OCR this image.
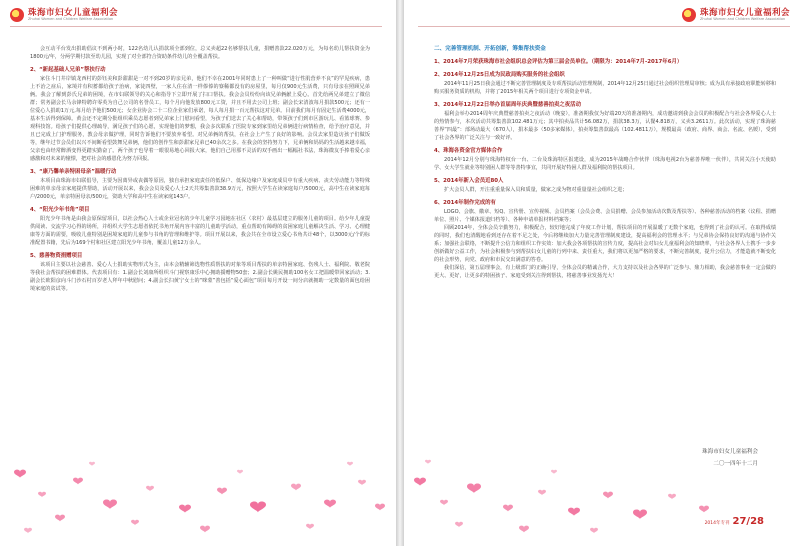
珠海市妇女儿童福利会
Zhuhai Women and Children Welfare Association

会互动平台发出捐助倡议不到两小时，122名幼儿认捐款项全部到位，总义卖超22名够帮扶儿童，捐赠善款22.020万元，为每名幼儿帮扶资金为1800元/年，分两学期付款至幼儿园，实现了对全部符合资助条件幼儿的全覆盖帮扶。

2、“新起基础人兄弟”帮扶行动

家住斗门井岸镇龙西村的彭钰美和彭甜甜是一对不到20岁的亲兄弟，他们不幸在2001年同时患上了一种叫做“进行性肌营养不良”的罕见疾病，患上不治之症后，家境并有积蓄都给孩子治病，家徒四壁，一家人住在清一样傣傣的寮稀都没有的房屋里，每月仅900元生活费，只有母亲在照顾兄弟俩。我会了解到彭氏兄弟的困境，在市妇联领导的关心和指导下立即开展了扫口帮扶。我会会员纷纷向该兄弟俩献上爱心。首先给两兄弟建立了微信群；常务副会长马余锋特聘许零英为自己公司的名誉员工，每个月向他发放800元工资，并且不用去公司上班；副会长宋清波每月捐款500元；还有一位爱心人捐助1万元,每月给予他们500元；女企业协会二十二位企业家们承诺，每人每月捐一百元帮扶这对兄弟。目前我们每月有固定生活费4000元，基本生活得到保障。黄会还不定期分批组织乘员志愿者到兄弟家上门慰问看望，为孩子们送去了关心和帮助，带领孩子们到市区游玩儿、看篮球赛、参观科技馆。给孩子们提供心理疏导，满足孩子们的心愿，实现他们的梦想，我会多次联系了医院专家到家里给兄弟俩进行病情检查，给予治疗意见，并且已完成上门护理服务，教会母亲做护理，同时告诉他们不要放弃希望。对兄弟俩的帮扶，在社会上产生了良好的影响。会员去家里造访孩子们做饭等，继年过节会员们以兴不间断看望鼓舞兄弟俩，他们的创作生和彭甜家兄弟已40余次之多。在我会的坚持努力下，兄弟俩和妈妈的生活越来越幸福，父亲也由经常醉酒变得更踏实勤奋了。两个孩子也导着一眼很易地心回报大家，他们自己用那不灵活的双手画出一幅幅社书法，珠海微友手捧着爱心亲感激和对未来的憧憬，把对社会的感恩化为努力回报。

3、“康乃馨单亲特困母亲”温暖行动

本项目由珠海市妇联倡导，主要为因离异或丧偶等原因，独自承担家庭责任的低保户、低保边缘户及家庭成员中有重大疾病、丧夫劳动能力等特殊困难的单亲母亲家庭提供帮助，活动开展以来，我会会员及爱心人士2天共筹集善款38.9万元，按照大学生在读家庭每户/5000元，高中生在读家庭每户/2000元，单亲特困母亲/500元，资助大学和高中生在读家庭143户。

4、“阳光少年书角”项目

阳光少年书角是由我会原保留项目，以社会热心人士或企业冠名的少年儿童学习园地在社区（农村）最基层建立的服务儿童的项目。给少年儿童提供阅读、交流学习心得的场所，并组织大学生志愿者依托书角开展内容丰富的儿童助学活动，重点帮助有障碍的贫困家庭儿童解决生活、学习、心理健康等方面的需要，吸收儿童特别是困境家庭的儿童参与书角的管理和维护等。项目开展以来，我会共在全市设立爱心书角共计48个，以3000元/个的标准配置书籍，先后为169个村和社区建立阳光少年书角，覆盖儿童12万余人。

5、慈善物资捐赠项目

该项目主要以社会慈善、爱心人士捐助实物形式为主，由本会精辅筛选物性质帮扶的对象等项目帮扶的单亲特困家庭、伤残人士、福利院、敬老院等我社会帮扶的困难群体。代表项目有：1.副会长刘康所组织斗门视察康乐中心拥助援赠物50套；2.副会长姚民拥助100名女工把温暖带回家活动；3.副会长欧阳彦向斗门沙石村百岁老人拜年中秋慰问；4.副会长扫黄宁女士的“咪蒙”善包括“爱心面包”项目每月开设一间分店就拥助一定数量的面包给困境家庭的贫试等。

珠海市妇女儿童福利会
Zhuhai Women and Children Welfare Association
二、完善管理机制、开拓创新，筹集帮扶资金
1、2014年7月荣获珠海市社会组织总会评估为第三届会员单位。（期限为：2014年7月-2017年6月）
2、2014年12月25日成为民政局购买服务的社会组织

2014年11月25日我会通过不断完善管理制度及专项帮扶活动管理规制，2014年12月25日通过社会组织管理局审核；成为具有承接政府职能转移和购买服务资质的机构，并将了2015年相关两个项目进行专项资金申请。

3、2014年12月22日举办首届周年庆典暨慈善拍卖之夜活动

福利会举办2014周年庆典暨慈善拍卖之夜活动（晚宴），准备期我仅为好端20天的准备期内，成功邀请到我会会员的积极配合与社会各界爱心人士的热情参与，本次活动共筹集善款102.481万元；其中拍卖品共计56.082万，捐款38.3万，认餐4.818万，义卖3.2611万。此次活动，实现了珠海慈善界“四最”：部场动最大（670人），捐本最多（50多家媒体），拍卖筹集善款最高（102.4811万），规模最高（政府、商界、商会、名流、名媛），受到了社会各界的广泛关注与一致好评。

4、珠海各资金官方媒体合作

2014年12月分别与珠海特权台一台、二台及珠海特区报建设，成为2015年战略合作伙伴（珠海电视2台为慈善界唯一伙伴），共同关注小天使助学、女大学生就业等特别困人群等等善特事宜，共同开展好特困人群及福利院的帮扶项目。

5、2014年新入会员近80人

扩大会员人群，开注重重量保入员和质量，做家之成为物对重量量社会组织之进；

6、2014年制作完成的有

LOGO、会旗、徽章、短Q、宣传册、宣传视频、会员档案（会员会费、会员捐赠、会员参加活动次数及帮扶等）、各种慈善活动的档案（议程、捐赠单位、照片、个媒体报道归档等）、各种申请单报材料档案等；

回顾2014年，全体会员辛勤努力，积极配合，较好地完成了年度工作计划，帮扶项目的开展温暖了无数个家庭，也得到了社会的认可。在取得成绩的同时，我们也清醒地看到还存在着不足之处，今后将继续加大力量完善管理制度建设，提高福利会的管理水平；与兄弟协会保持良好的沟通与协作关系；加强社会联络，不断提升公信力和组织工作实效：加大我会各项帮扶的宣传力度，提高社会对妇女儿童福利会的知晓率，与社会各界人士携手一步步创新做好公益工作，为社会积极参与到帮扶妇女儿童的行列中来、责任重大，我们将以更加严格的要求，不断完善制度，提升公信力，才能造就不断变化的社会形势，向党、政府和市民交出满意的答卷。

我们深信，第五届理事会，有上级部门的正确引导，全体会员的精诚合作，大力支持以及社会各界的广泛参与、鼎力相助，我会慈善事业一定会做的更大、更好，让更多的特困孩子、家庭受到关注得到帮扶，将慈善事业发扬光大！

珠海市妇女儿童福利会
二〇一四年十二月
2014年专刊 27/28
